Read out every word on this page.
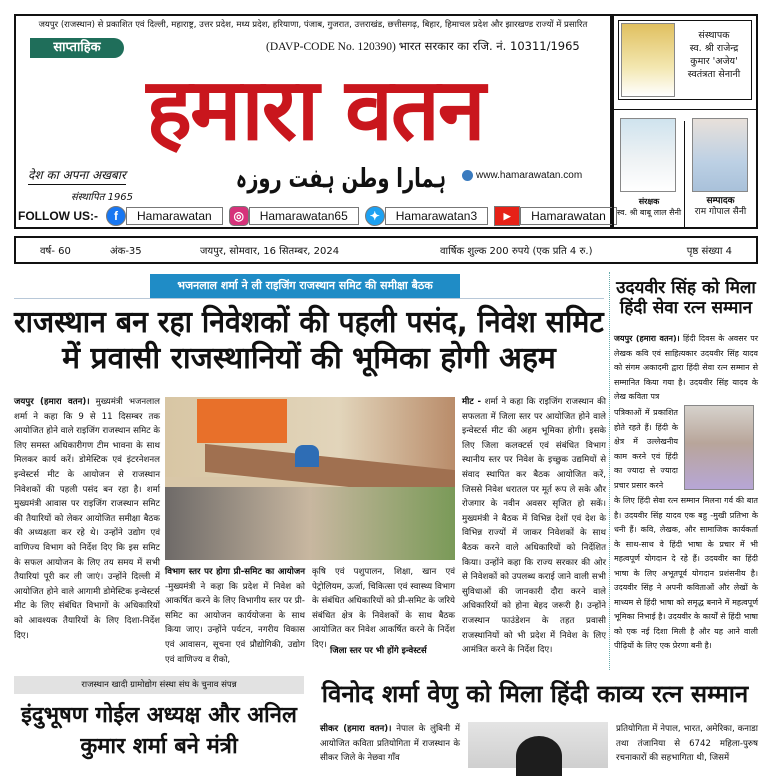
जयपुर (राजस्थान) से प्रकाशित एवं दिल्ली, महाराष्ट्र, उत्तर प्रदेश, मध्य प्रदेश, हरियाणा, पंजाब, गुजरात, उत्तराखंड, छत्तीसगढ़, बिहार, हिमाचल प्रदेश और झारखण्ड राज्यों में प्रसारित
साप्ताहिक	(DAVP-CODE No. 120390) भारत सरकार का रजि. नं. 10311/1965
हमारा वतन
देश का अपना अखबार
संस्थापित 1965
ہمارا وطن ہفت روزہ	www.hamarawatan.com
FOLLOW US:-	f	Hamarawatan	◎	Hamarawatan65	✦	Hamarawatan3	▶	Hamarawatan
संस्थापक
स्व. श्री राजेन्द्र
कुमार 'अजेय'
स्वतंत्रता सेनानी
संरक्षक
स्व. श्री बाबू लाल सैनी
सम्पादक
राम गोपाल सैनी
वर्ष- 60	अंक-35	जयपुर, सोमवार, 16 सितम्बर, 2024	वार्षिक शुल्क 200 रुपये (एक प्रति 4 रु.)	पृष्ठ संख्या 4
भजनलाल शर्मा ने ली राइजिंग राजस्थान समिट की समीक्षा बैठक
राजस्थान बन रहा निवेशकों की पहली पसंद, निवेश समिट
में प्रवासी राजस्थानियों की भूमिका होगी अहम
जयपुर (हमारा वतन)। मुख्यमंत्री भजनलाल शर्मा ने कहा कि 9 से 11 दिसम्बर तक आयोजित होने वाले राइजिंग राजस्थान समिट के लिए समस्त अधिकारीगण टीम भावना के साथ मिलकर कार्य करें। डोमेस्टिक एवं इंटरनेशनल इन्वेस्टर्स मीट के आयोजन से राजस्थान निवेशकों की पहली पसंद बन रहा है। शर्मा मुख्यमंत्री आवास पर राइजिंग राजस्थान समिट की तैयारियों को लेकर आयोजित समीक्षा बैठक की अध्यक्षता कर रहे थे। उन्होंने उद्योग एवं वाणिज्य विभाग को निर्देश दिए कि इस समिट के सफल आयोजन के लिए तय समय में सभी तैयारियां पूरी कर ली जाएं। उन्होंने दिल्ली में आयोजित होने वाले आगामी डोमेस्टिक इन्वेस्टर्स मीट के लिए संबंधित विभागों के अधिकारियों को आवश्यक तैयारियों के लिए दिशा-निर्देश दिए।
विभाग स्तर पर होगा प्री-समिट का आयोजन -मुख्यमंत्री ने कहा कि प्रदेश में निवेश को आकर्षित करने के लिए विभागीय स्तर पर प्री-समिट का आयोजन कार्ययोजना के साथ किया जाए। उन्होंने पर्यटन, नगरीय विकास एवं आवासन, सूचना एवं प्रौद्योगिकी, उद्योग एवं वाणिज्य व रीको,
कृषि एवं पशुपालन, शिक्षा, खान एवं पेट्रोलियम, ऊर्जा, चिकित्सा एवं स्वास्थ्य विभाग के संबंधित अधिकारियों को प्री-समिट के जरिये संबंधित क्षेत्र के निवेशकों के साथ बैठक आयोजित कर निवेश आकर्षित करने के निर्देश दिए।
जिला स्तर पर भी होंगे इन्वेस्टर्स
मीट - शर्मा ने कहा कि राइजिंग राजस्थान की सफलता में जिला स्तर पर आयोजित होने वाले इन्वेस्टर्स मीट की अहम भूमिका होगी। इसके लिए जिला कलक्टर्स एवं संबंधित विभाग स्थानीय स्तर पर निवेश के इच्छुक उद्यमियों से संवाद स्थापित कर बैठक आयोजित करें, जिससे निवेश धरातल पर मूर्त रूप ले सके और रोजगार के नवीन अवसर सृजित हो सकें। मुख्यमंत्री ने बैठक में विभिन्न देशों एवं देश के विभिन्न राज्यों में जाकर निवेशकों के साथ बैठक करने वाले अधिकारियों को निर्देशित किया। उन्होंने कहा कि राज्य सरकार की ओर से निवेशकों को उपलब्ध कराई जाने वाली सभी सुविधाओं की जानकारी दौरा करने वाले अधिकारियों को होना बेहद जरूरी है। उन्होंने राजस्थान फाउंडेशन के तहत प्रवासी राजस्थानियों को भी प्रदेश में निवेश के लिए आमंत्रित करने के निर्देश दिए।
उदयवीर सिंह को मिला
हिंदी सेवा रत्न सम्मान
जयपुर (हमारा वतन)। हिंदी दिवस के अवसर पर लेखक कवि एवं साहित्यकार उदयवीर सिंह यादव को संगम अकादमी द्वारा हिंदी सेवा रत्न सम्मान से सम्मानित किया गया है। उदयवीर सिंह यादव के लेख कविता पत्र
पत्रिकाओं में प्रकाशित होते रहते हैं। हिंदी के क्षेत्र में उल्लेखनीय काम करने एवं हिंदी का ज्यादा से ज्यादा प्रचार प्रसार करने
के लिए हिंदी सेवा रत्न सम्मान मिलना गर्व की बात है। उदयवीर सिंह यादव एक बहु -मुखी प्रतिभा के धनी हैं। कवि, लेखक, और सामाजिक कार्यकर्ता के साथ-साथ वे हिंदी भाषा के प्रचार में भी महत्वपूर्ण योगदान दे रहे हैं। उदयवीर का हिंदी भाषा के लिए अभूतपूर्व योगदान प्रशंसनीय है। उदयवीर सिंह ने अपनी कविताओं और लेखों के माध्यम से हिंदी भाषा को समृद्ध बनाने में महत्वपूर्ण भूमिका निभाई है। उदयवीर के कार्यों से हिंदी भाषा को एक नई दिशा मिली है और यह आने वाली पीढ़ियों के लिए एक प्रेरणा बनी है।
राजस्थान खादी ग्रामोद्योग संस्था संघ के चुनाव संपन्न
इंदुभूषण गोईल अध्यक्ष और अनिल
कुमार शर्मा बने मंत्री
विनोद शर्मा वेणु को मिला हिंदी काव्य रत्न सम्मान
सीकर (हमारा वतन)। नेपाल के लुंबिनी में आयोजित कविता प्रतियोगिता में राजस्थान के सीकर जिले के नेछवा गाँव
प्रतियोगिता में नेपाल, भारत, अमेरिका, कनाडा तथा तंजानिया से 6742 महिला-पुरुष रचनाकारों की सहभागिता थी, जिसमें
